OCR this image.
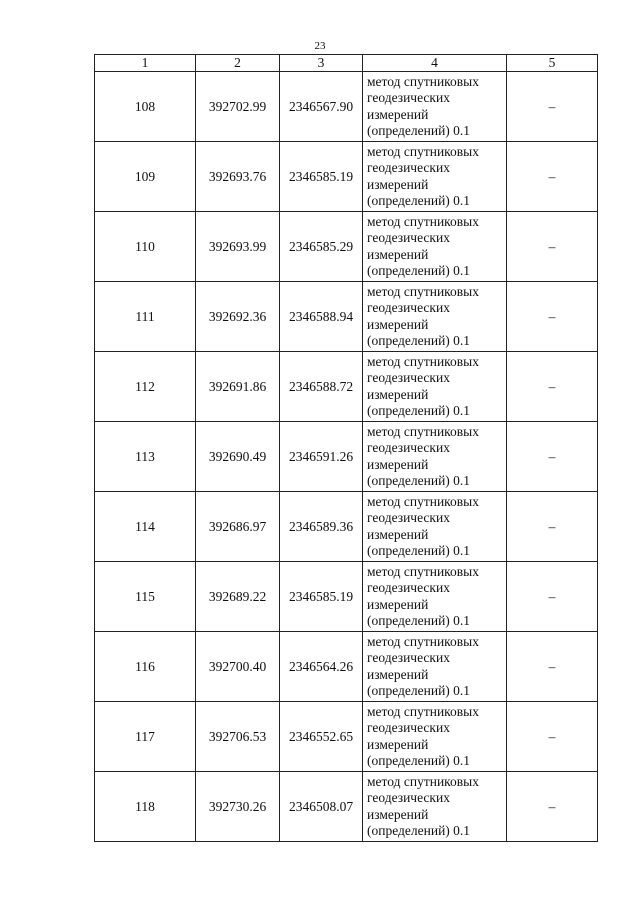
23
1	2	3	4	5
108	392702.99	2346567.90	метод спутниковых
геодезических
измерений
(определений) 0.1	–
109	392693.76	2346585.19	метод спутниковых
геодезических
измерений
(определений) 0.1	–
110	392693.99	2346585.29	метод спутниковых
геодезических
измерений
(определений) 0.1	–
111	392692.36	2346588.94	метод спутниковых
геодезических
измерений
(определений) 0.1	–
112	392691.86	2346588.72	метод спутниковых
геодезических
измерений
(определений) 0.1	–
113	392690.49	2346591.26	метод спутниковых
геодезических
измерений
(определений) 0.1	–
114	392686.97	2346589.36	метод спутниковых
геодезических
измерений
(определений) 0.1	–
115	392689.22	2346585.19	метод спутниковых
геодезических
измерений
(определений) 0.1	–
116	392700.40	2346564.26	метод спутниковых
геодезических
измерений
(определений) 0.1	–
117	392706.53	2346552.65	метод спутниковых
геодезических
измерений
(определений) 0.1	–
118	392730.26	2346508.07	метод спутниковых
геодезических
измерений
(определений) 0.1	–
